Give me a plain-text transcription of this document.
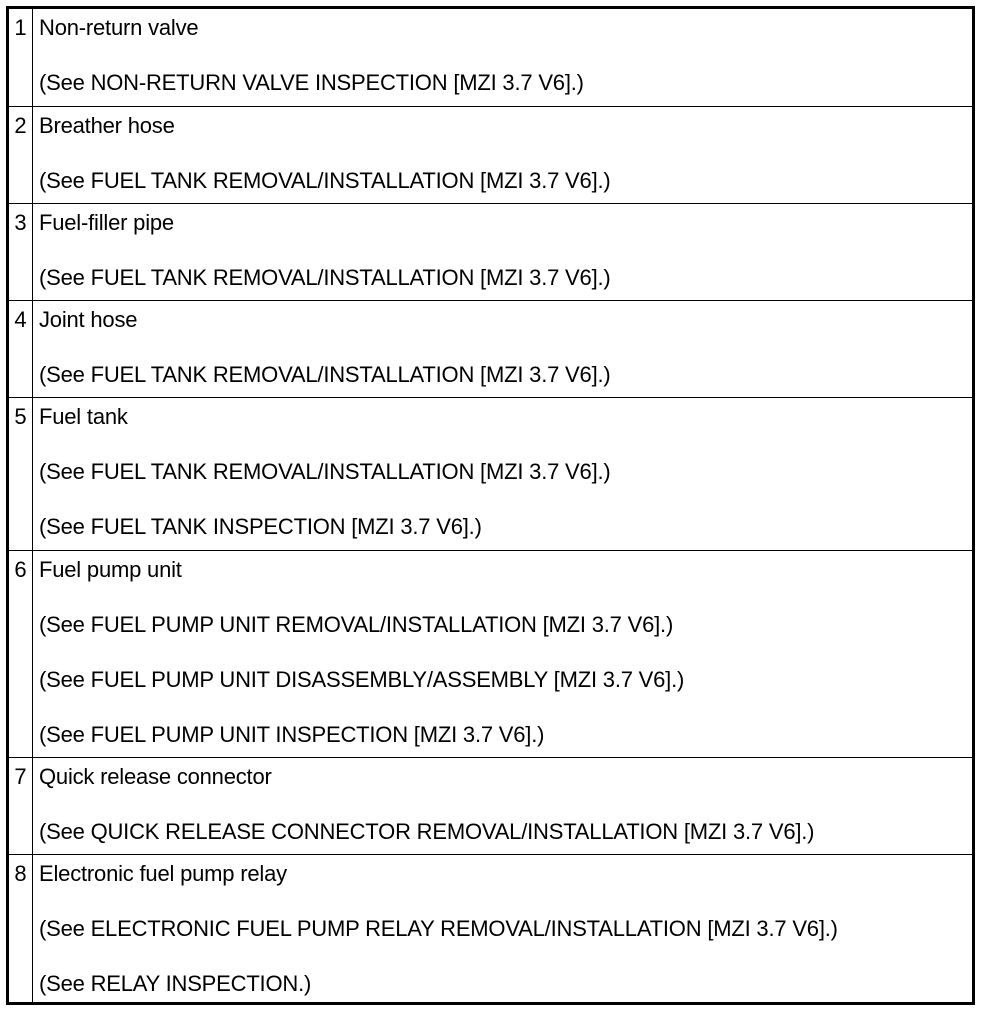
1 Non-return valve
(See NON-RETURN VALVE INSPECTION [MZI 3.7 V6].)
2 Breather hose
(See FUEL TANK REMOVAL/INSTALLATION [MZI 3.7 V6].)
3 Fuel-filler pipe
(See FUEL TANK REMOVAL/INSTALLATION [MZI 3.7 V6].)
4 Joint hose
(See FUEL TANK REMOVAL/INSTALLATION [MZI 3.7 V6].)
5 Fuel tank
(See FUEL TANK REMOVAL/INSTALLATION [MZI 3.7 V6].)
(See FUEL TANK INSPECTION [MZI 3.7 V6].)
6 Fuel pump unit
(See FUEL PUMP UNIT REMOVAL/INSTALLATION [MZI 3.7 V6].)
(See FUEL PUMP UNIT DISASSEMBLY/ASSEMBLY [MZI 3.7 V6].)
(See FUEL PUMP UNIT INSPECTION [MZI 3.7 V6].)
7 Quick release connector
(See QUICK RELEASE CONNECTOR REMOVAL/INSTALLATION [MZI 3.7 V6].)
8 Electronic fuel pump relay
(See ELECTRONIC FUEL PUMP RELAY REMOVAL/INSTALLATION [MZI 3.7 V6].)
(See RELAY INSPECTION.)
